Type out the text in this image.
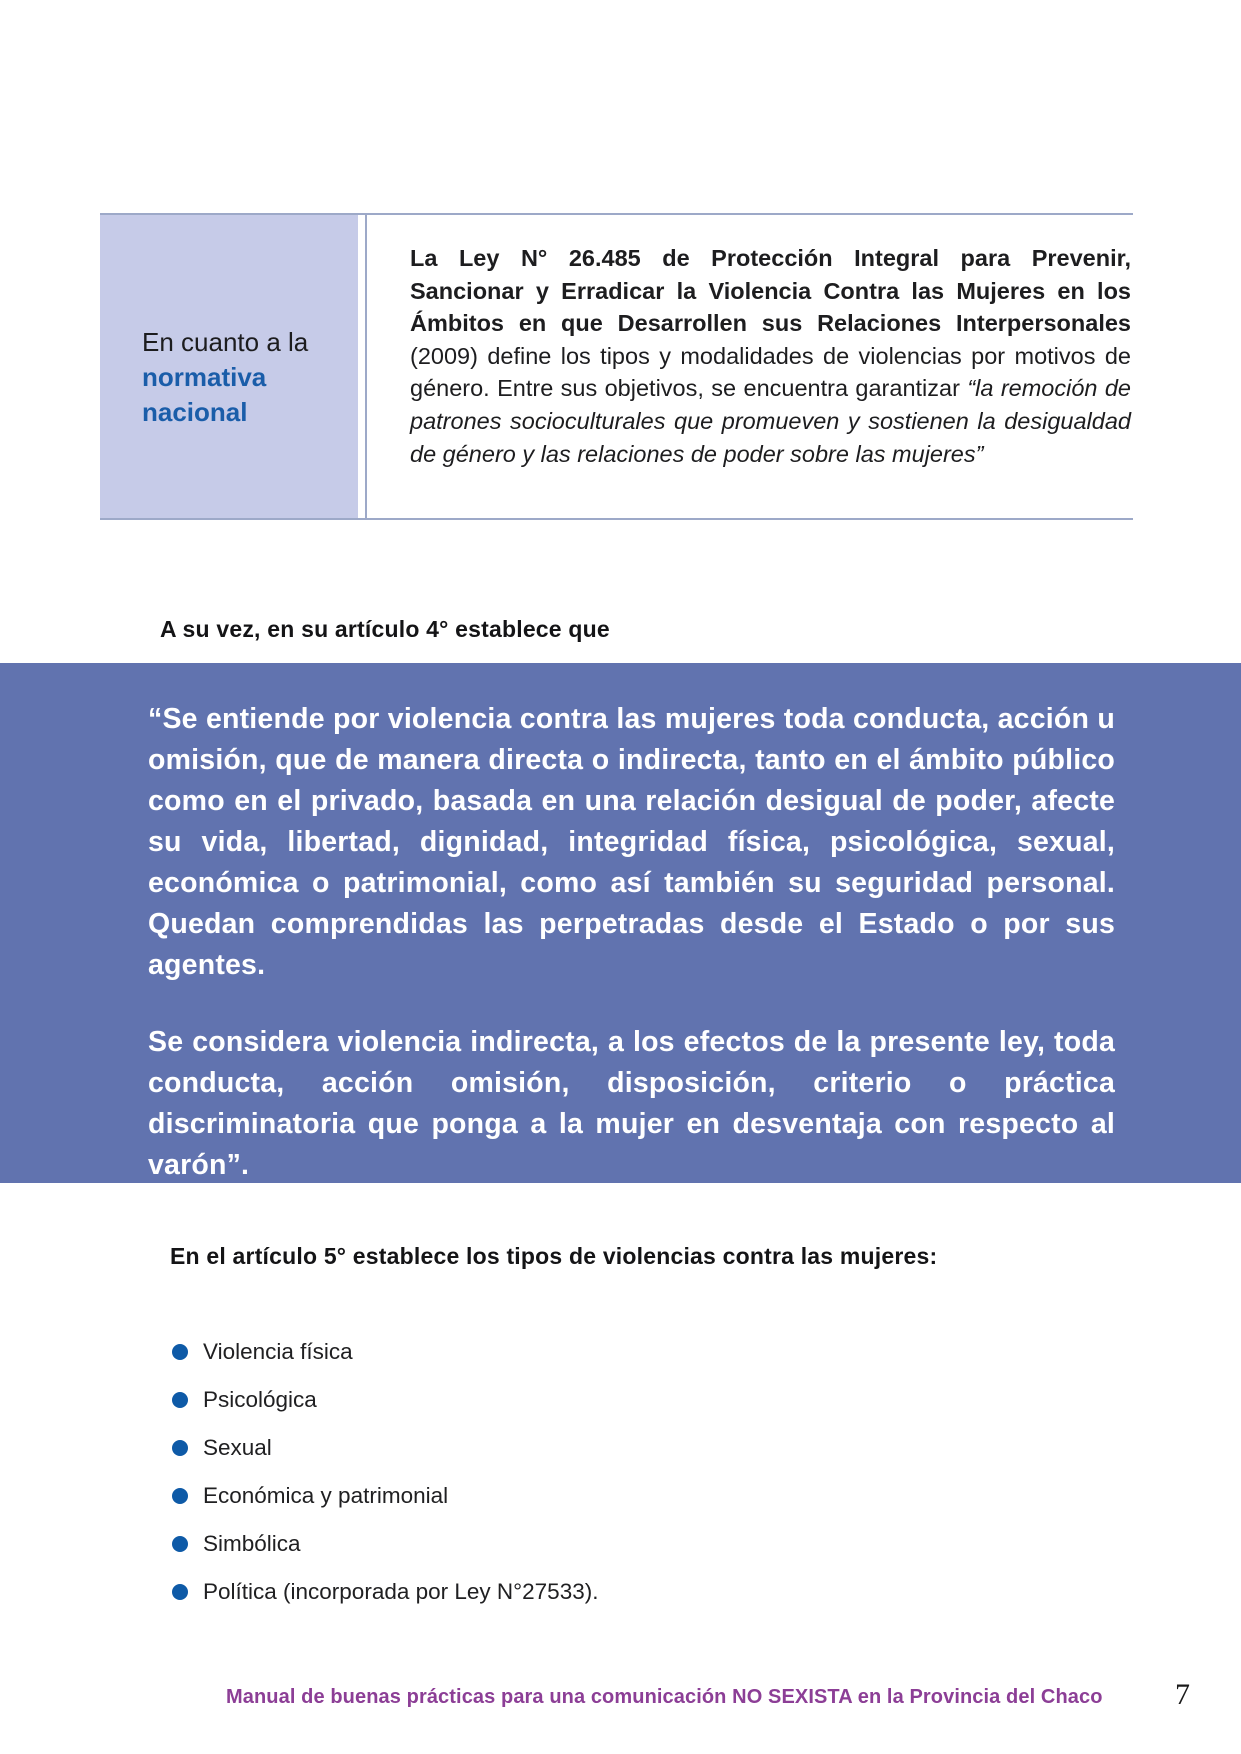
En cuanto a la normativa nacional

La Ley N° 26.485 de Protección Integral para Prevenir, Sancionar y Erradicar la Violencia Contra las Mujeres en los Ámbitos en que Desarrollen sus Relaciones Interpersonales (2009) define los tipos y modalidades de violencias por motivos de género. Entre sus objetivos, se encuentra garantizar “la remoción de patrones socioculturales que promueven y sostienen la desigualdad de género y las relaciones de poder sobre las mujeres”

A su vez, en su artículo 4° establece que

“Se entiende por violencia contra las mujeres toda conducta, acción u omisión, que de manera directa o indirecta, tanto en el ámbito público como en el privado, basada en una relación desigual de poder, afecte su vida, libertad, dignidad, integridad física, psicológica, sexual, económica o patrimonial, como así también su seguridad personal. Quedan comprendidas las perpetradas desde el Estado o por sus agentes.

Se considera violencia indirecta, a los efectos de la presente ley, toda conducta, acción omisión, disposición, criterio o práctica discriminatoria que ponga a la mujer en desventaja con respecto al varón”.

En el artículo 5° establece los tipos de violencias contra las mujeres:
Violencia física
Psicológica
Sexual
Económica y patrimonial
Simbólica
Política (incorporada por Ley N°27533).
Manual de buenas prácticas para una comunicación NO SEXISTA en la Provincia del Chaco	7
